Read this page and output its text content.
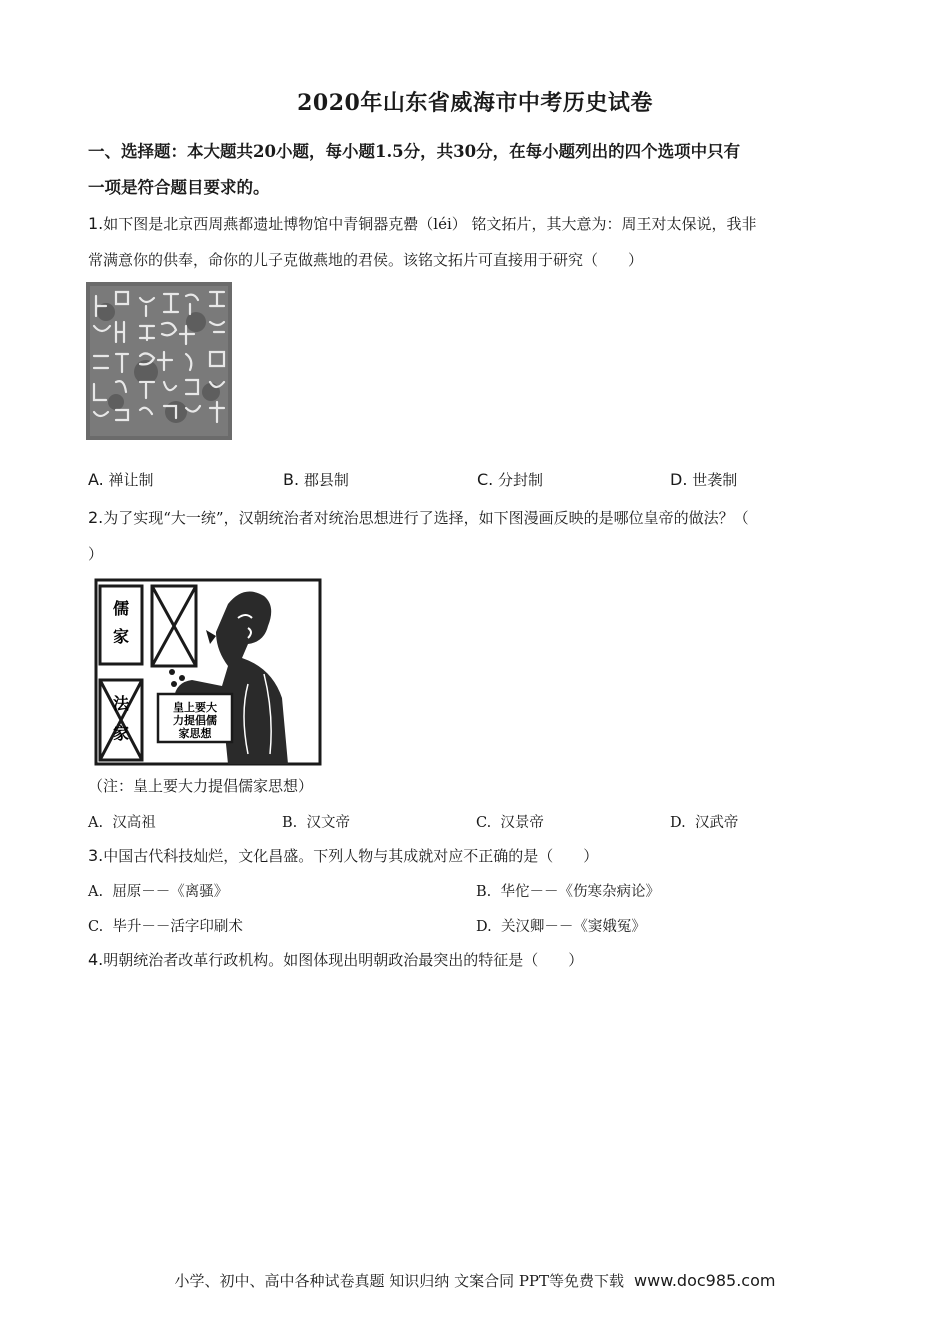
2020年山东省威海市中考历史试卷
一、选择题：本大题共20小题，每小题1.5分，共30分，在每小题列出的四个选项中只有
一项是符合题目要求的。
1.如下图是北京西周燕都遗址博物馆中青铜器克罍（léi） 铭文拓片，其大意为：周王对太保说，我非
常满意你的供奉，命你的儿子克做燕地的君侯。该铭文拓片可直接用于研究（　　）
A. 禅让制	B. 郡县制	C. 分封制	D. 世袭制
2.为了实现“大一统”，汉朝统治者对统治思想进行了选择，如下图漫画反映的是哪位皇帝的做法？（
）
儒
家
法
家
皇上要大
力提倡儒
家思想
（注：皇上要大力提倡儒家思想）
A. 汉高祖	B. 汉文帝	C. 汉景帝	D. 汉武帝
3.中国古代科技灿烂，文化昌盛。下列人物与其成就对应不正确的是（　　）
A. 屈原－－《离骚》	B. 华佗－－《伤寒杂病论》
C. 毕升－－活字印刷术	D. 关汉卿－－《窦娥冤》
4.明朝统治者改革行政机构。如图体现出明朝政治最突出的特征是（　　）
小学、初中、高中各种试卷真题 知识归纳 文案合同 PPT等免费下载 www.doc985.com
